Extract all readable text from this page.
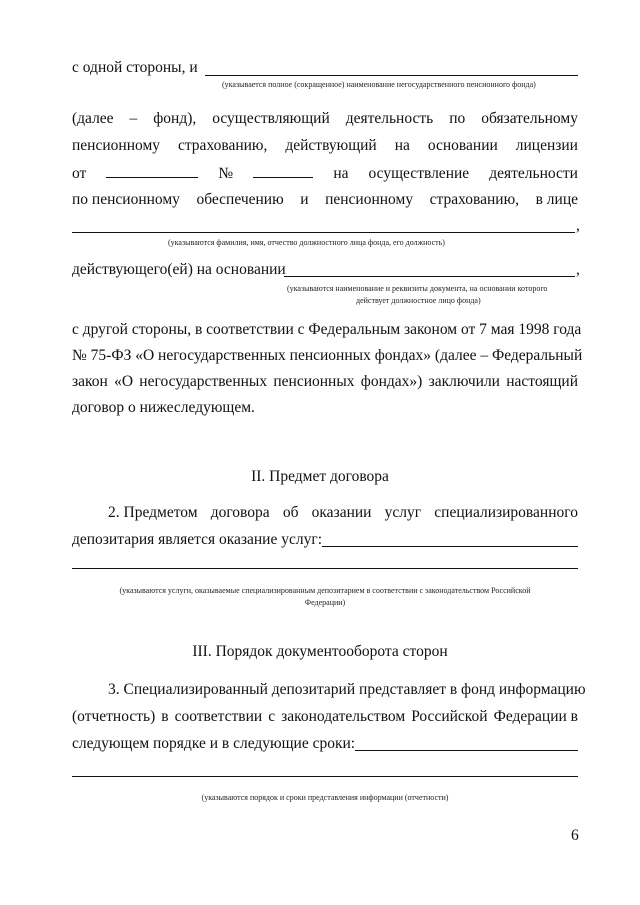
с одной стороны, и

(указывается полное (сокращенное) наименование негосударственного пенсионного фонда)

(далее – фонд), осуществляющий деятельность по обязательному
пенсионному страхованию, действующий на основании лицензии
от	№	на осуществление деятельности
по пенсионному обеспечению и пенсионному страхованию, в лице

,

(указываются фамилия, имя, отчество должностного лица фонда, его должность)

действующего(ей) на основании	,

(указываются наименование и реквизиты документа, на основании которого

действует должностное лицо фонда)

с другой стороны, в соответствии с Федеральным законом от 7 мая 1998 года

№ 75-ФЗ «О негосударственных пенсионных фондах» (далее – Федеральный

закон «О негосударственных пенсионных фондах») заключили настоящий

договор о нижеследующем.

II. Предмет договора

2. Предметом договора об оказании услуг специализированного

депозитария является оказание услуг:

(указываются услуги, оказываемые специализированным депозитарием в соответствии с законодательством Российской

Федерации)

III. Порядок документооборота сторон

3. Специализированный депозитарий представляет в фонд информацию

(отчетность) в соответствии с законодательством Российской Федерации в

следующем порядке и в следующие сроки:

(указываются порядок и сроки представления информации (отчетности)

6
